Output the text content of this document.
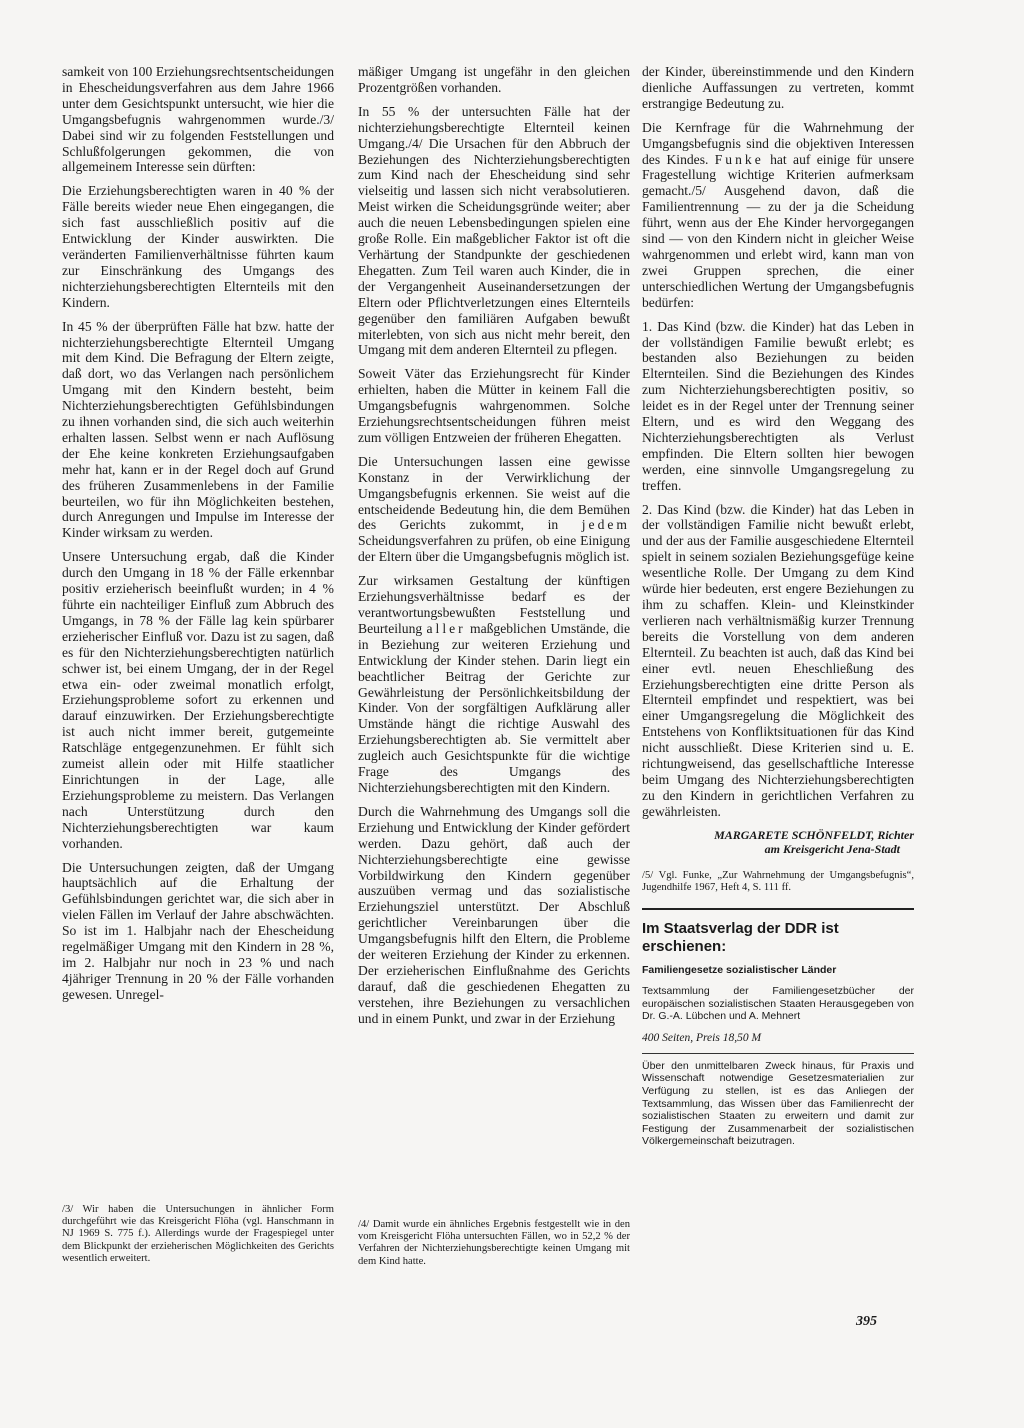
samkeit von 100 Erziehungsrechtsentscheidungen in Ehescheidungsverfahren aus dem Jahre 1966 unter dem Gesichtspunkt untersucht, wie hier die Umgangsbefugnis wahrgenommen wurde./3/ Dabei sind wir zu folgenden Feststellungen und Schlußfolgerungen gekommen, die von allgemeinem Interesse sein dürften:

Die Erziehungsberechtigten waren in 40 % der Fälle bereits wieder neue Ehen eingegangen, die sich fast ausschließlich positiv auf die Entwicklung der Kinder auswirkten. Die veränderten Familienverhältnisse führten kaum zur Einschränkung des Umgangs des nichterziehungsberechtigten Elternteils mit den Kindern.

In 45 % der überprüften Fälle hat bzw. hatte der nichterziehungsberechtigte Elternteil Umgang mit dem Kind. Die Befragung der Eltern zeigte, daß dort, wo das Verlangen nach persönlichem Umgang mit den Kindern besteht, beim Nichterziehungsberechtigten Gefühlsbindungen zu ihnen vorhanden sind, die sich auch weiterhin erhalten lassen. Selbst wenn er nach Auflösung der Ehe keine konkreten Erziehungsaufgaben mehr hat, kann er in der Regel doch auf Grund des früheren Zusammenlebens in der Familie beurteilen, wo für ihn Möglichkeiten bestehen, durch Anregungen und Impulse im Interesse der Kinder wirksam zu werden.

Unsere Untersuchung ergab, daß die Kinder durch den Umgang in 18 % der Fälle erkennbar positiv erzieherisch beeinflußt wurden; in 4 % führte ein nachteiliger Einfluß zum Abbruch des Umgangs, in 78 % der Fälle lag kein spürbarer erzieherischer Einfluß vor. Dazu ist zu sagen, daß es für den Nichterziehungsberechtigten natürlich schwer ist, bei einem Umgang, der in der Regel etwa ein- oder zweimal monatlich erfolgt, Erziehungsprobleme sofort zu erkennen und darauf einzuwirken. Der Erziehungsberechtigte ist auch nicht immer bereit, gutgemeinte Ratschläge entgegenzunehmen. Er fühlt sich zumeist allein oder mit Hilfe staatlicher Einrichtungen in der Lage, alle Erziehungsprobleme zu meistern. Das Verlangen nach Unterstützung durch den Nichterziehungsberechtigten war kaum vorhanden.

Die Untersuchungen zeigten, daß der Umgang hauptsächlich auf die Erhaltung der Gefühlsbindungen gerichtet war, die sich aber in vielen Fällen im Verlauf der Jahre abschwächten. So ist im 1. Halbjahr nach der Ehescheidung regelmäßiger Umgang mit den Kindern in 28 %, im 2. Halbjahr nur noch in 23 % und nach 4jähriger Trennung in 20 % der Fälle vorhanden gewesen. Unregel-

/3/ Wir haben die Untersuchungen in ähnlicher Form durchgeführt wie das Kreisgericht Flöha (vgl. Hanschmann in NJ 1969 S. 775 f.). Allerdings wurde der Fragespiegel unter dem Blickpunkt der erzieherischen Möglichkeiten des Gerichts wesentlich erweitert.

mäßiger Umgang ist ungefähr in den gleichen Prozentgrößen vorhanden.

In 55 % der untersuchten Fälle hat der nichterziehungsberechtigte Elternteil keinen Umgang./4/ Die Ursachen für den Abbruch der Beziehungen des Nichterziehungsberechtigten zum Kind nach der Ehescheidung sind sehr vielseitig und lassen sich nicht verabsolutieren. Meist wirken die Scheidungsgründe weiter; aber auch die neuen Lebensbedingungen spielen eine große Rolle. Ein maßgeblicher Faktor ist oft die Verhärtung der Standpunkte der geschiedenen Ehegatten. Zum Teil waren auch Kinder, die in der Vergangenheit Auseinandersetzungen der Eltern oder Pflichtverletzungen eines Elternteils gegenüber den familiären Aufgaben bewußt miterlebten, von sich aus nicht mehr bereit, den Umgang mit dem anderen Elternteil zu pflegen.

Soweit Väter das Erziehungsrecht für Kinder erhielten, haben die Mütter in keinem Fall die Umgangsbefugnis wahrgenommen. Solche Erziehungsrechtsentscheidungen führen meist zum völligen Entzweien der früheren Ehegatten.

Die Untersuchungen lassen eine gewisse Konstanz in der Verwirklichung der Umgangsbefugnis erkennen. Sie weist auf die entscheidende Bedeutung hin, die dem Bemühen des Gerichts zukommt, in jedem Scheidungsverfahren zu prüfen, ob eine Einigung der Eltern über die Umgangsbefugnis möglich ist.

Zur wirksamen Gestaltung der künftigen Erziehungsverhältnisse bedarf es der verantwortungsbewußten Feststellung und Beurteilung aller maßgeblichen Umstände, die in Beziehung zur weiteren Erziehung und Entwicklung der Kinder stehen. Darin liegt ein beachtlicher Beitrag der Gerichte zur Gewährleistung der Persönlichkeitsbildung der Kinder. Von der sorgfältigen Aufklärung aller Umstände hängt die richtige Auswahl des Erziehungsberechtigten ab. Sie vermittelt aber zugleich auch Gesichtspunkte für die wichtige Frage des Umgangs des Nichterziehungsberechtigten mit den Kindern.

Durch die Wahrnehmung des Umgangs soll die Erziehung und Entwicklung der Kinder gefördert werden. Dazu gehört, daß auch der Nichterziehungsberechtigte eine gewisse Vorbildwirkung den Kindern gegenüber auszuüben vermag und das sozialistische Erziehungsziel unterstützt. Der Abschluß gerichtlicher Vereinbarungen über die Umgangsbefugnis hilft den Eltern, die Probleme der weiteren Erziehung der Kinder zu erkennen. Der erzieherischen Einflußnahme des Gerichts darauf, daß die geschiedenen Ehegatten zu verstehen, ihre Beziehungen zu versachlichen und in einem Punkt, und zwar in der Erziehung

/4/ Damit wurde ein ähnliches Ergebnis festgestellt wie in den vom Kreisgericht Flöha untersuchten Fällen, wo in 52,2 % der Verfahren der Nichterziehungsberechtigte keinen Umgang mit dem Kind hatte.

der Kinder, übereinstimmende und den Kindern dienliche Auffassungen zu vertreten, kommt erstrangige Bedeutung zu.

Die Kernfrage für die Wahrnehmung der Umgangsbefugnis sind die objektiven Interessen des Kindes. Funke hat auf einige für unsere Fragestellung wichtige Kriterien aufmerksam gemacht./5/ Ausgehend davon, daß die Familientrennung — zu der ja die Scheidung führt, wenn aus der Ehe Kinder hervorgegangen sind — von den Kindern nicht in gleicher Weise wahrgenommen und erlebt wird, kann man von zwei Gruppen sprechen, die einer unterschiedlichen Wertung der Umgangsbefugnis bedürfen:

1. Das Kind (bzw. die Kinder) hat das Leben in der vollständigen Familie bewußt erlebt; es bestanden also Beziehungen zu beiden Elternteilen. Sind die Beziehungen des Kindes zum Nichterziehungsberechtigten positiv, so leidet es in der Regel unter der Trennung seiner Eltern, und es wird den Weggang des Nichterziehungsberechtigten als Verlust empfinden. Die Eltern sollten hier bewogen werden, eine sinnvolle Umgangsregelung zu treffen.

2. Das Kind (bzw. die Kinder) hat das Leben in der vollständigen Familie nicht bewußt erlebt, und der aus der Familie ausgeschiedene Elternteil spielt in seinem sozialen Beziehungsgefüge keine wesentliche Rolle. Der Umgang zu dem Kind würde hier bedeuten, erst engere Beziehungen zu ihm zu schaffen. Klein- und Kleinstkinder verlieren nach verhältnismäßig kurzer Trennung bereits die Vorstellung von dem anderen Elternteil. Zu beachten ist auch, daß das Kind bei einer evtl. neuen Eheschließung des Erziehungsberechtigten eine dritte Person als Elternteil empfindet und respektiert, was bei einer Umgangsregelung die Möglichkeit des Entstehens von Konfliktsituationen für das Kind nicht ausschließt. Diese Kriterien sind u. E. richtungweisend, das gesellschaftliche Interesse beim Umgang des Nichterziehungsberechtigten zu den Kindern in gerichtlichen Verfahren zu gewährleisten.

MARGARETE SCHÖNFELDT, Richter
am Kreisgericht Jena-Stadt

/5/ Vgl. Funke, „Zur Wahrnehmung der Umgangsbefugnis“, Jugendhilfe 1967, Heft 4, S. 111 ff.

Im Staatsverlag der DDR ist erschienen:

Familiengesetze sozialistischer Länder

Textsammlung der Familiengesetzbücher der europäischen sozialistischen Staaten Herausgegeben von Dr. G.-A. Lübchen und A. Mehnert

400 Seiten, Preis 18,50 M

Über den unmittelbaren Zweck hinaus, für Praxis und Wissenschaft notwendige Gesetzesmaterialien zur Verfügung zu stellen, ist es das Anliegen der Textsammlung, das Wissen über das Familienrecht der sozialistischen Staaten zu erweitern und damit zur Festigung der Zusammenarbeit der sozialistischen Völkergemeinschaft beizutragen.

395
